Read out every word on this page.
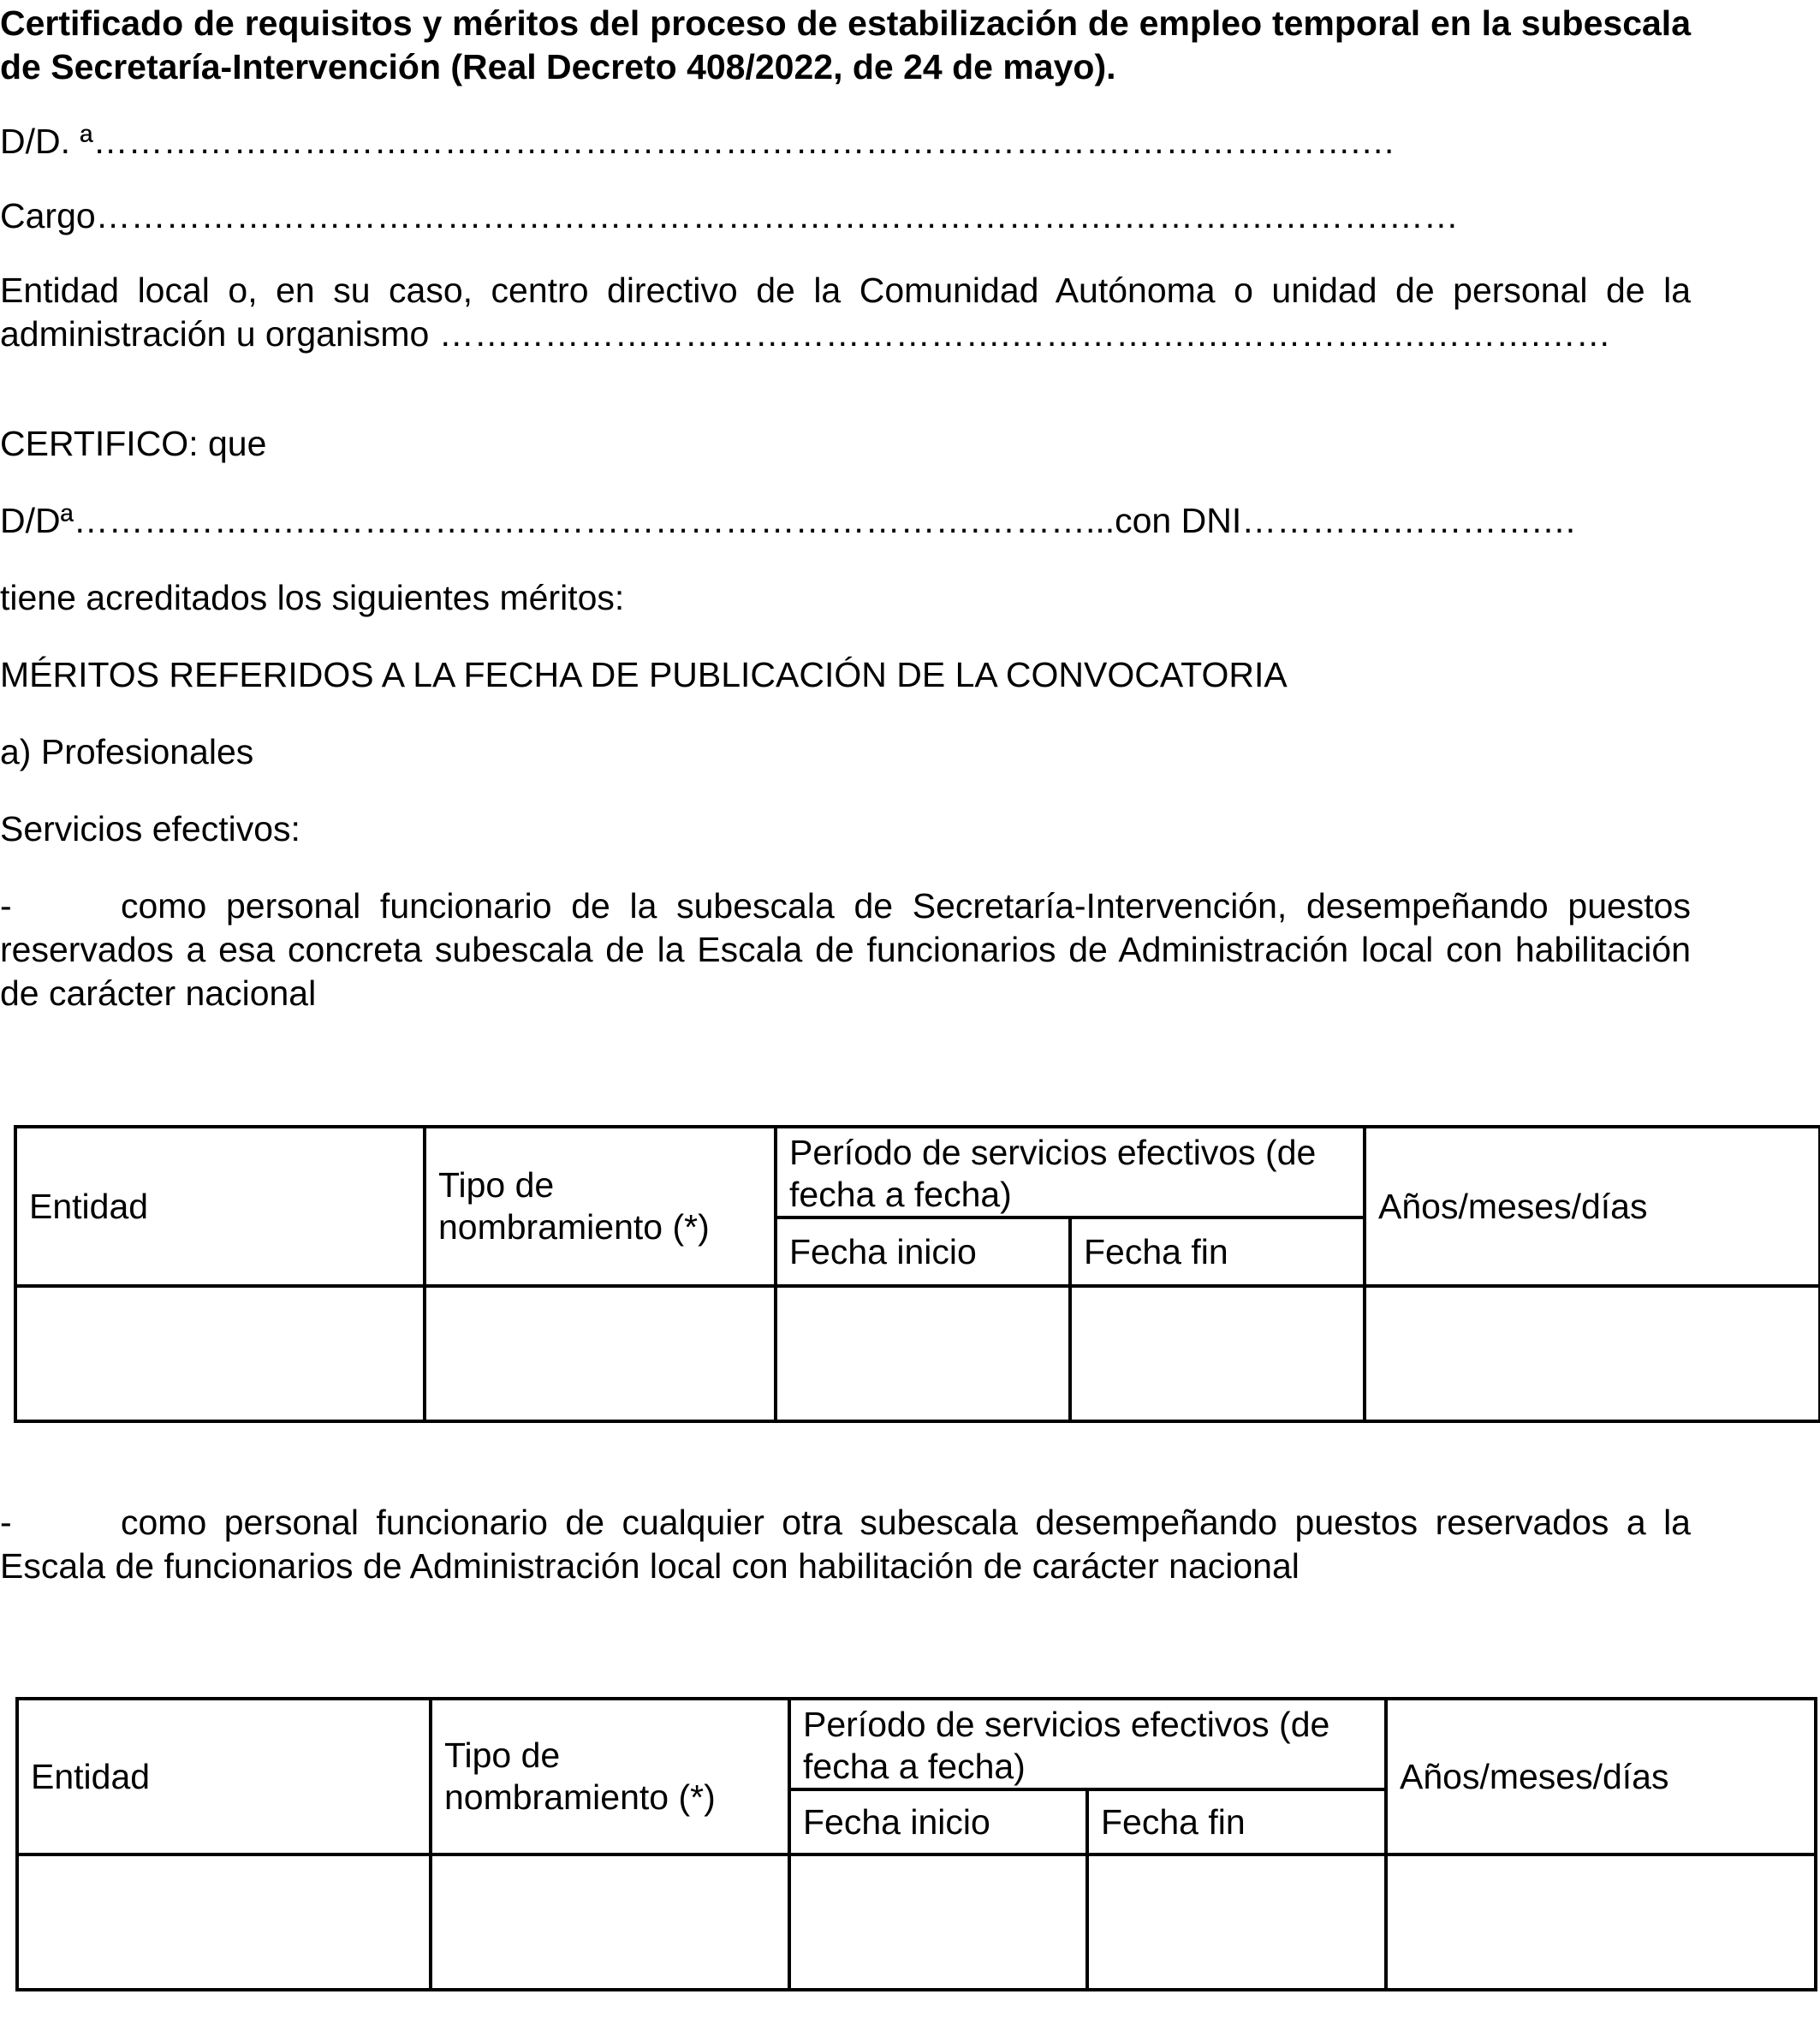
Certificado de requisitos y méritos del proceso de estabilización de empleo temporal en la subescala de Secretaría-Intervención (Real Decreto 408/2022, de 24 de mayo).

D/D. ª………………………………………………………………….………….………….…….…

Cargo…………………………………………………………………………….………….……….……

Entidad local o, en su caso, centro directivo de la Comunidad Autónoma o unidad de personal de la administración u organismo ………………………………………….…………….…………….….……….……

CERTIFICO: que

D/Dª……………….……………….………………………………….………...con DNI………….………….…

tiene acreditados los siguientes méritos:

MÉRITOS REFERIDOS A LA FECHA DE PUBLICACIÓN DE LA CONVOCATORIA

a) Profesionales

Servicios efectivos:

-	como personal funcionario de la subescala de Secretaría-Intervención, desempeñando puestos reservados a esa concreta subescala de la Escala de funcionarios de Administración local con habilitación de carácter nacional

Entidad	Tipo de nombramiento (*)	Período de servicios efectivos (de fecha a fecha)		Años/meses/días
		Fecha inicio	Fecha fin	

-	como personal funcionario de cualquier otra subescala desempeñando puestos reservados a la Escala de funcionarios de Administración local con habilitación de carácter nacional

Entidad	Tipo de nombramiento (*)	Período de servicios efectivos (de fecha a fecha)		Años/meses/días
		Fecha inicio	Fecha fin	
